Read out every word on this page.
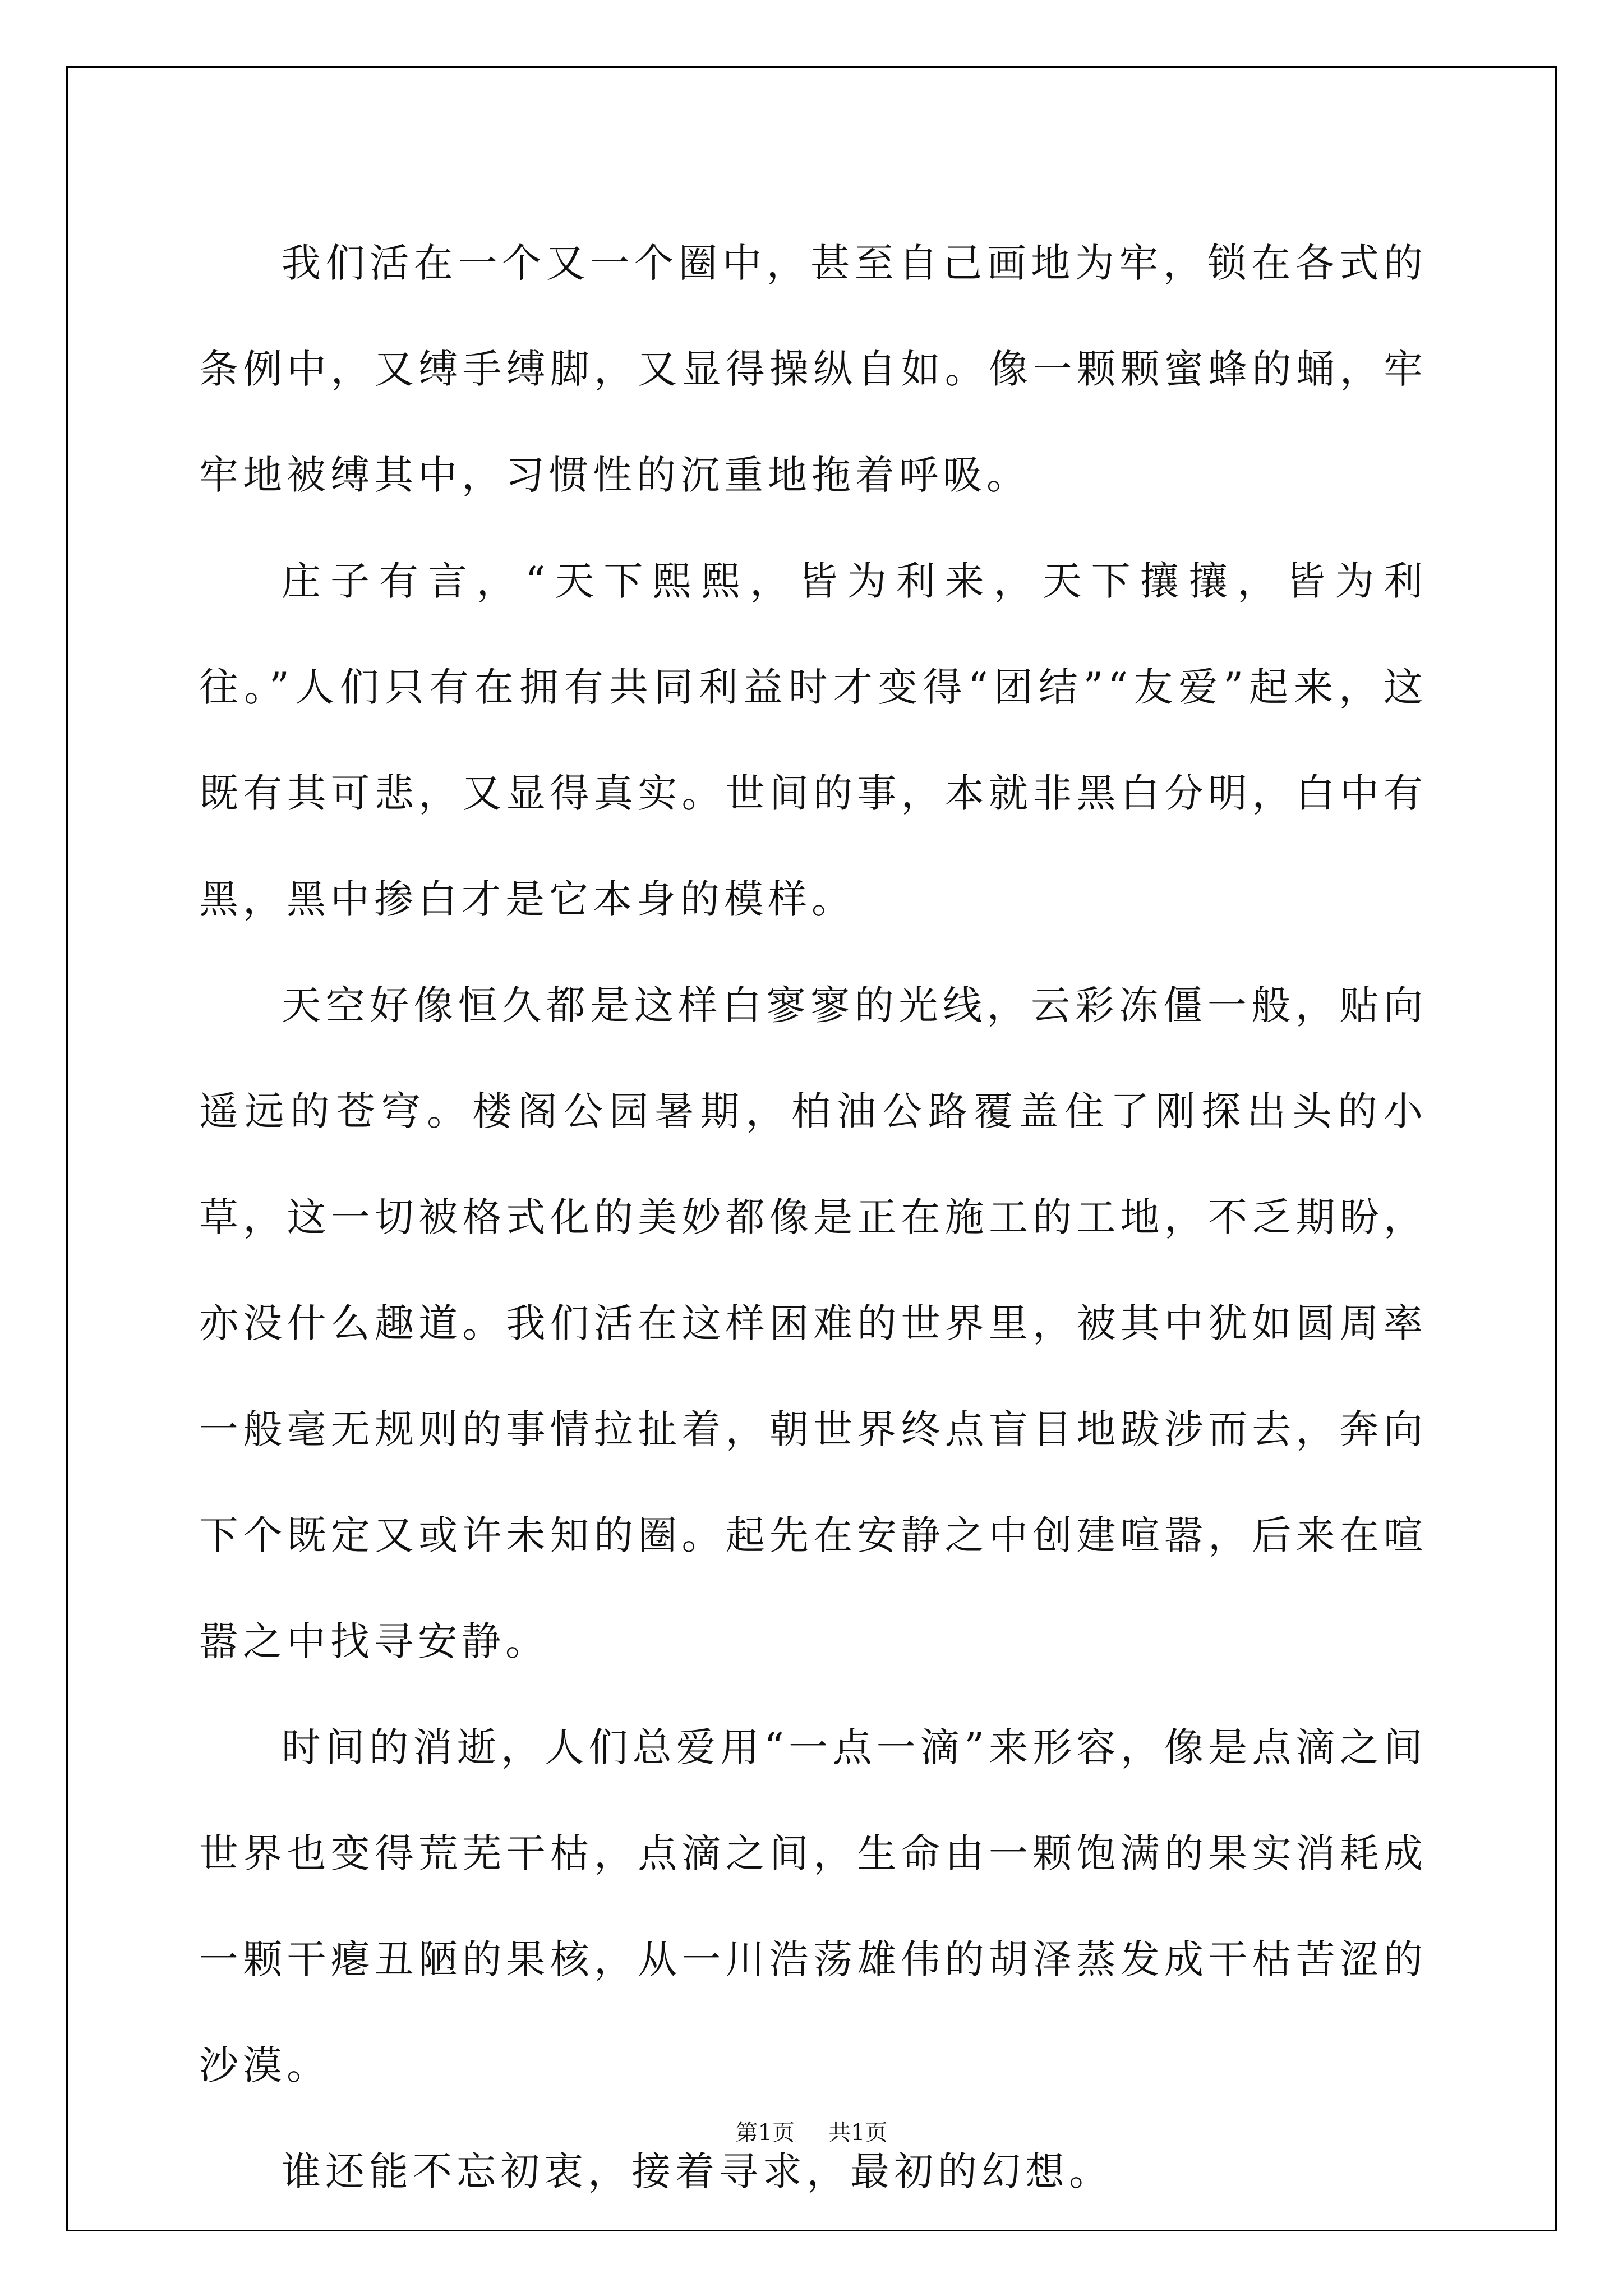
我们活在一个又一个圈中，甚至自己画地为牢，锁在各式的条例中，又缚手缚脚，又显得操纵自如。像一颗颗蜜蜂的蛹，牢牢地被缚其中，习惯性的沉重地拖着呼吸。

庄子有言，“天下熙熙，皆为利来，天下攘攘，皆为利往。”人们只有在拥有共同利益时才变得“团结”“友爱”起来，这既有其可悲，又显得真实。世间的事，本就非黑白分明，白中有黑，黑中掺白才是它本身的模样。

天空好像恒久都是这样白寥寥的光线，云彩冻僵一般，贴向遥远的苍穹。楼阁公园暑期，柏油公路覆盖住了刚探出头的小草，这一切被格式化的美妙都像是正在施工的工地，不乏期盼，亦没什么趣道。我们活在这样困难的世界里，被其中犹如圆周率一般毫无规则的事情拉扯着，朝世界终点盲目地跋涉而去，奔向下个既定又或许未知的圈。起先在安静之中创建喧嚣，后来在喧嚣之中找寻安静。

时间的消逝，人们总爱用“一点一滴”来形容，像是点滴之间世界也变得荒芜干枯，点滴之间，生命由一颗饱满的果实消耗成一颗干瘪丑陋的果核，从一川浩荡雄伟的胡泽蒸发成干枯苦涩的沙漠。

谁还能不忘初衷，接着寻求，最初的幻想。

第1页 共1页
